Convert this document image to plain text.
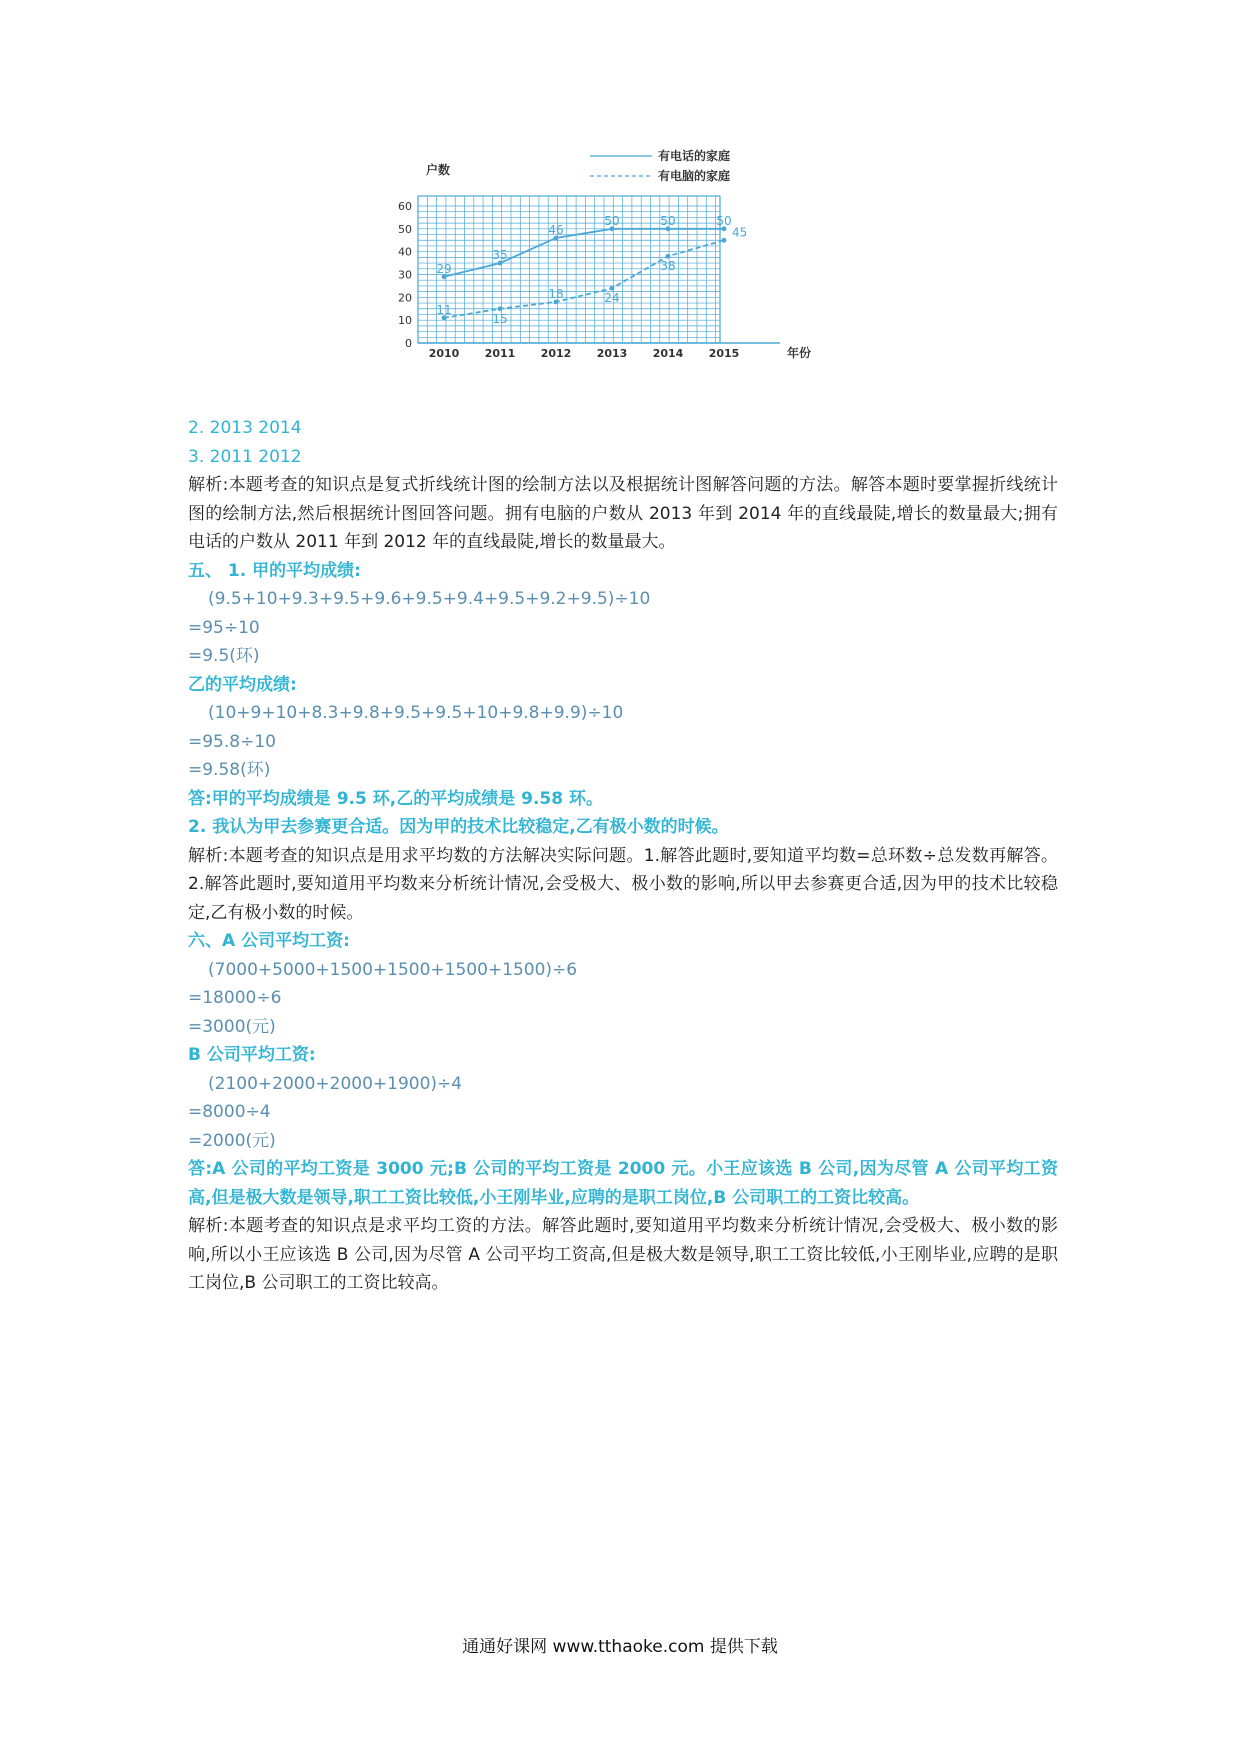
0
10
20
30
40
50
60
2010 2011 2012 2013 2014 2015
户数
年份
有电话的家庭
有电脑的家庭
29
35
46
50	50	50
11
15
18	24
38
45
2. 2013 2014
3. 2011 2012
解析:本题考查的知识点是复式折线统计图的绘制方法以及根据统计图解答问题的方法。解答本题时要掌握折线统计图的绘制方法,然后根据统计图回答问题。拥有电脑的户数从 2013 年到 2014 年的直线最陡,增长的数量最大;拥有电话的户数从 2011 年到 2012 年的直线最陡,增长的数量最大。
五、 1. 甲的平均成绩:
(9.5+10+9.3+9.5+9.6+9.5+9.4+9.5+9.2+9.5)÷10
=95÷10
=9.5(环)
乙的平均成绩:
(10+9+10+8.3+9.8+9.5+9.5+10+9.8+9.9)÷10
=95.8÷10
=9.58(环)
答:甲的平均成绩是 9.5 环,乙的平均成绩是 9.58 环。
2. 我认为甲去参赛更合适。因为甲的技术比较稳定,乙有极小数的时候。
解析:本题考查的知识点是用求平均数的方法解决实际问题。1.解答此题时,要知道平均数=总环数÷总发数再解答。2.解答此题时,要知道用平均数来分析统计情况,会受极大、极小数的影响,所以甲去参赛更合适,因为甲的技术比较稳定,乙有极小数的时候。
六、A 公司平均工资:
(7000+5000+1500+1500+1500+1500)÷6
=18000÷6
=3000(元)
B 公司平均工资:
(2100+2000+2000+1900)÷4
=8000÷4
=2000(元)
答:A 公司的平均工资是 3000 元;B 公司的平均工资是 2000 元。小王应该选 B 公司,因为尽管 A 公司平均工资高,但是极大数是领导,职工工资比较低,小王刚毕业,应聘的是职工岗位,B 公司职工的工资比较高。
解析:本题考查的知识点是求平均工资的方法。解答此题时,要知道用平均数来分析统计情况,会受极大、极小数的影响,所以小王应该选 B 公司,因为尽管 A 公司平均工资高,但是极大数是领导,职工工资比较低,小王刚毕业,应聘的是职工岗位,B 公司职工的工资比较高。
通通好课网 www.tthaoke.com 提供下载
